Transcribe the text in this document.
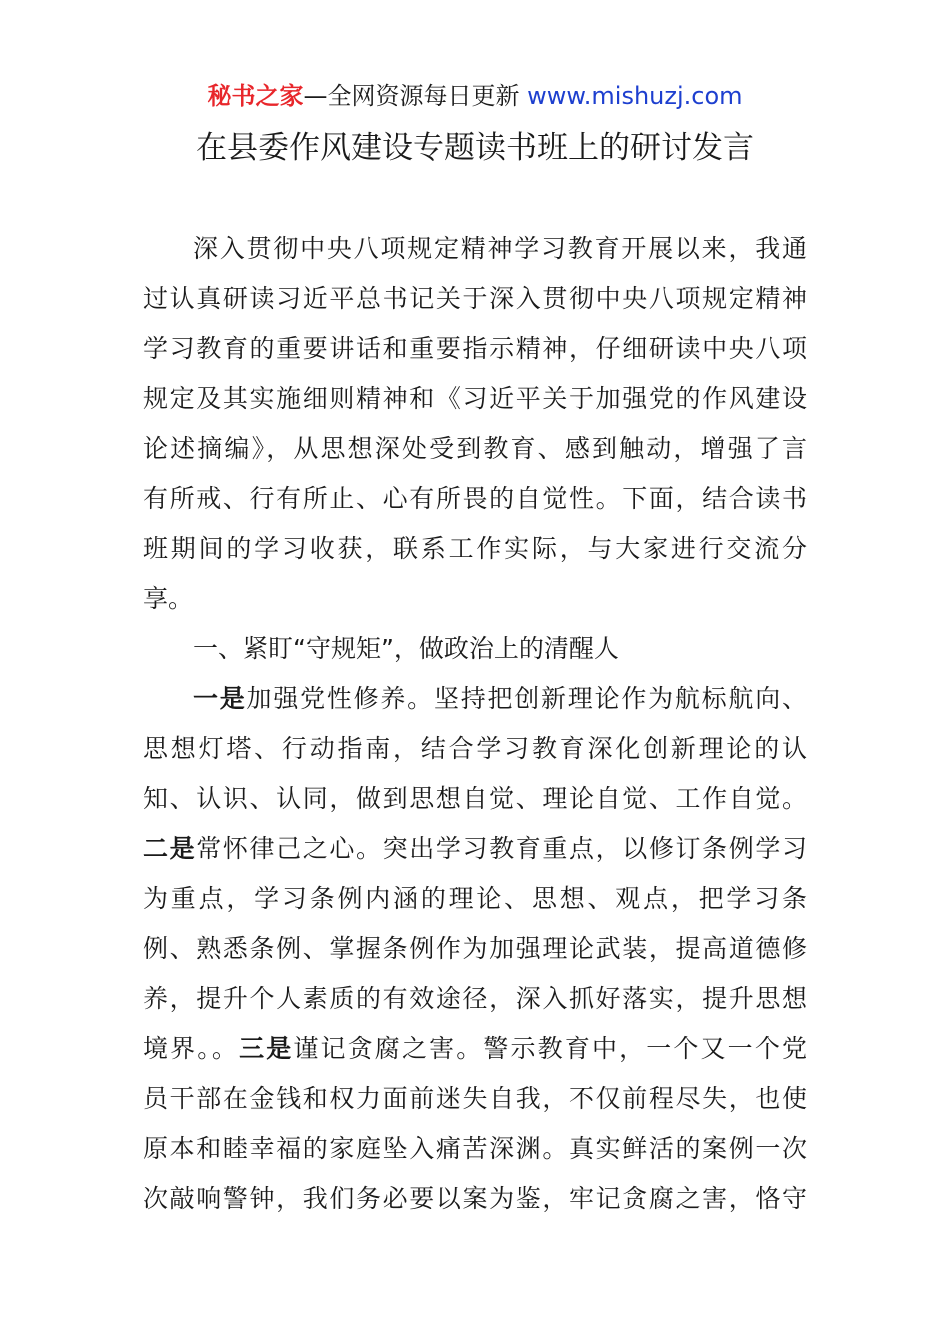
秘书之家—全网资源每日更新 www.mishuzj.com
在县委作风建设专题读书班上的研讨发言
深入贯彻中央八项规定精神学习教育开展以来，我通
过认真研读习近平总书记关于深入贯彻中央八项规定精神
学习教育的重要讲话和重要指示精神，仔细研读中央八项
规定及其实施细则精神和《习近平关于加强党的作风建设
论述摘编》，从思想深处受到教育、感到触动，增强了言
有所戒、行有所止、心有所畏的自觉性。下面，结合读书
班期间的学习收获，联系工作实际，与大家进行交流分
享。
一、紧盯“守规矩”，做政治上的清醒人
一是加强党性修养。坚持把创新理论作为航标航向、
思想灯塔、行动指南，结合学习教育深化创新理论的认
知、认识、认同，做到思想自觉、理论自觉、工作自觉。
二是常怀律己之心。突出学习教育重点，以修订条例学习
为重点，学习条例内涵的理论、思想、观点，把学习条
例、熟悉条例、掌握条例作为加强理论武装，提高道德修
养，提升个人素质的有效途径，深入抓好落实，提升思想
境界。。三是谨记贪腐之害。警示教育中，一个又一个党
员干部在金钱和权力面前迷失自我，不仅前程尽失，也使
原本和睦幸福的家庭坠入痛苦深渊。真实鲜活的案例一次
次敲响警钟，我们务必要以案为鉴，牢记贪腐之害，恪守
